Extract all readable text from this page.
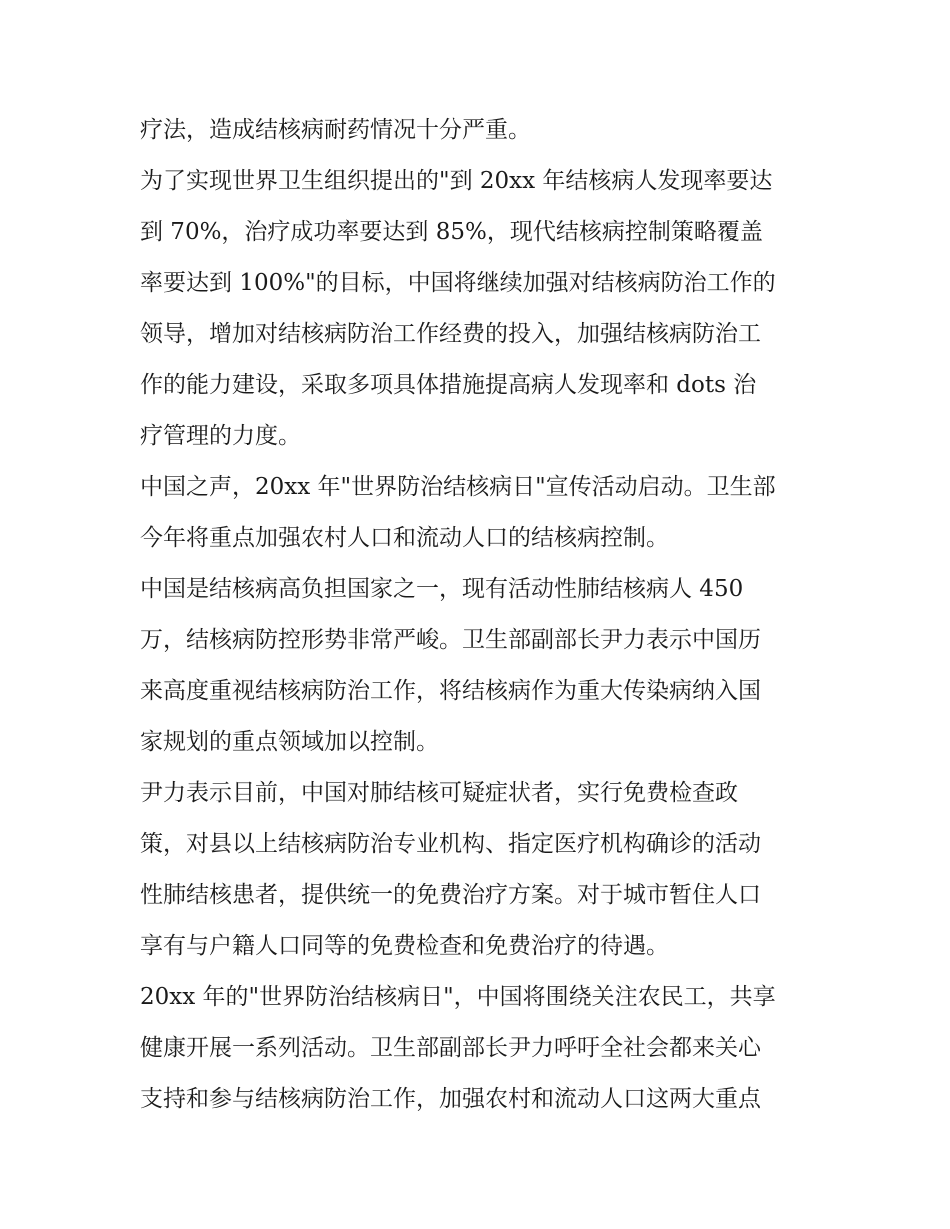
疗法，造成结核病耐药情况十分严重。
为了实现世界卫生组织提出的"到 20xx 年结核病人发现率要达
到 70%，治疗成功率要达到 85%，现代结核病控制策略覆盖
率要达到 100%"的目标，中国将继续加强对结核病防治工作的
领导，增加对结核病防治工作经费的投入，加强结核病防治工
作的能力建设，采取多项具体措施提高病人发现率和 dots 治
疗管理的力度。
中国之声，20xx 年"世界防治结核病日"宣传活动启动。卫生部
今年将重点加强农村人口和流动人口的结核病控制。
中国是结核病高负担国家之一，现有活动性肺结核病人 450
万，结核病防控形势非常严峻。卫生部副部长尹力表示中国历
来高度重视结核病防治工作，将结核病作为重大传染病纳入国
家规划的重点领域加以控制。
尹力表示目前，中国对肺结核可疑症状者，实行免费检查政
策，对县以上结核病防治专业机构、指定医疗机构确诊的活动
性肺结核患者，提供统一的免费治疗方案。对于城市暂住人口
享有与户籍人口同等的免费检查和免费治疗的待遇。
20xx 年的"世界防治结核病日"，中国将围绕关注农民工，共享
健康开展一系列活动。卫生部副部长尹力呼吁全社会都来关心
支持和参与结核病防治工作，加强农村和流动人口这两大重点
